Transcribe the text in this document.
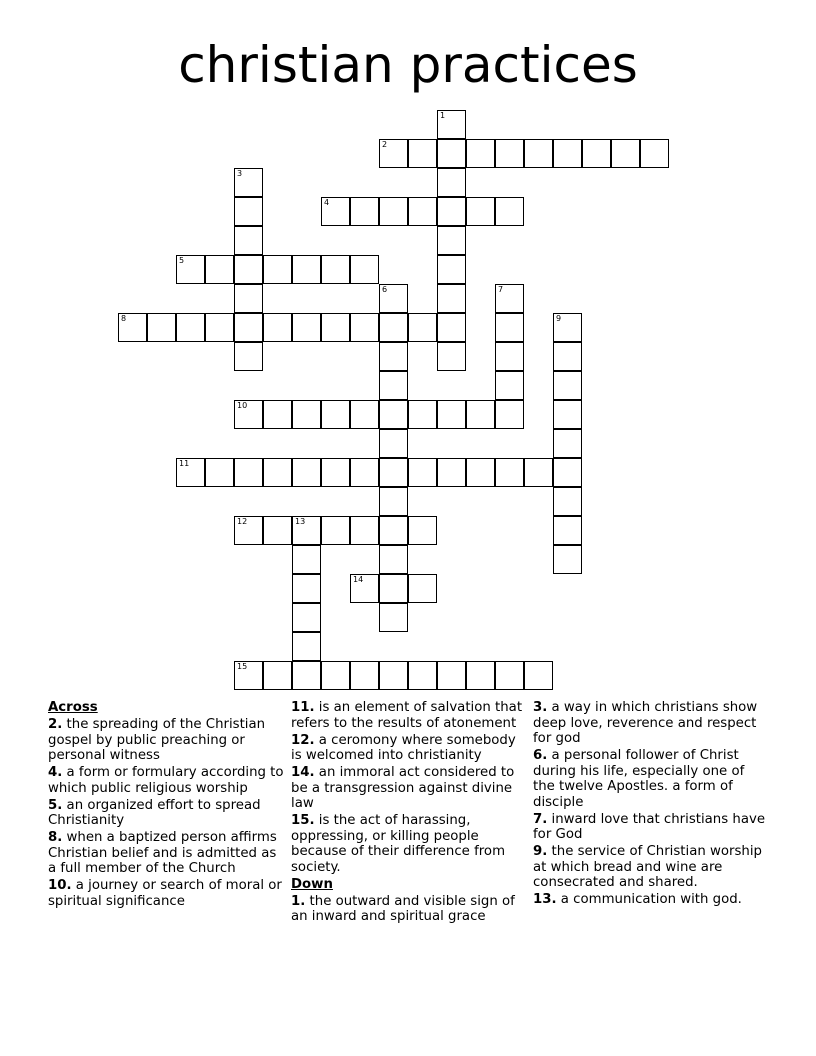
christian practices
1
2
3
4
5
6	7
8	9
10
11
12	13
14
15
Across
2. the spreading of the Christian gospel by public preaching or personal witness
4. a form or formulary according to which public religious worship
5. an organized effort to spread Christianity
8. when a baptized person affirms Christian belief and is admitted as a full member of the Church
10. a journey or search of moral or spiritual significance
11. is an element of salvation that refers to the results of atonement
12. a ceromony where somebody is welcomed into christianity
14. an immoral act considered to be a transgression against divine law
15. is the act of harassing, oppressing, or killing people because of their difference from society.
Down
1. the outward and visible sign of an inward and spiritual grace
3. a way in which christians show deep love, reverence and respect for god
6. a personal follower of Christ during his life, especially one of the twelve Apostles. a form of disciple
7. inward love that christians have for God
9. the service of Christian worship at which bread and wine are consecrated and shared.
13. a communication with god.
